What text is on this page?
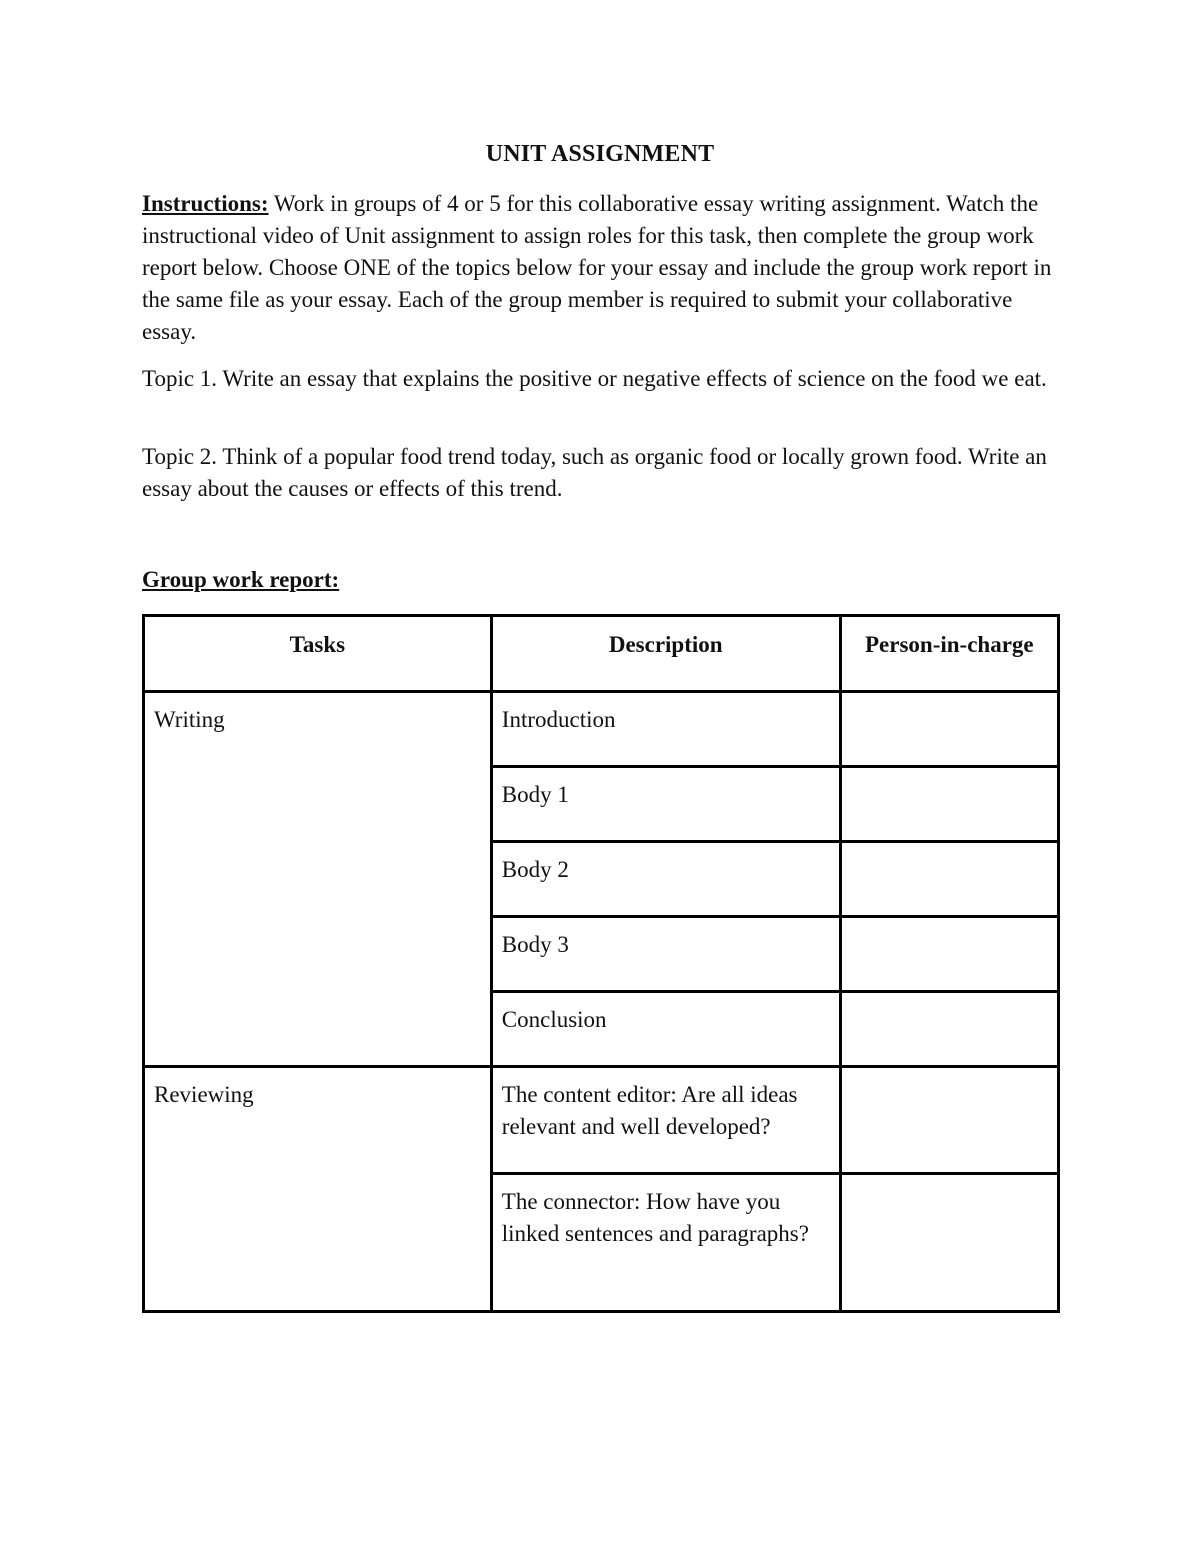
UNIT ASSIGNMENT
Instructions: Work in groups of 4 or 5 for this collaborative essay writing assignment. Watch the instructional video of Unit assignment to assign roles for this task, then complete the group work report below. Choose ONE of the topics below for your essay and include the group work report in the same file as your essay. Each of the group member is required to submit your collaborative essay.
Topic 1. Write an essay that explains the positive or negative effects of science on the food we eat.
Topic 2. Think of a popular food trend today, such as organic food or locally grown food. Write an essay about the causes or effects of this trend.
Group work report:
Tasks	Description	Person-in-charge
Writing	Introduction	
	Body 1	
	Body 2	
	Body 3	
	Conclusion	
Reviewing	The content editor: Are all ideas relevant and well developed?	
	The connector: How have you linked sentences and paragraphs?	
